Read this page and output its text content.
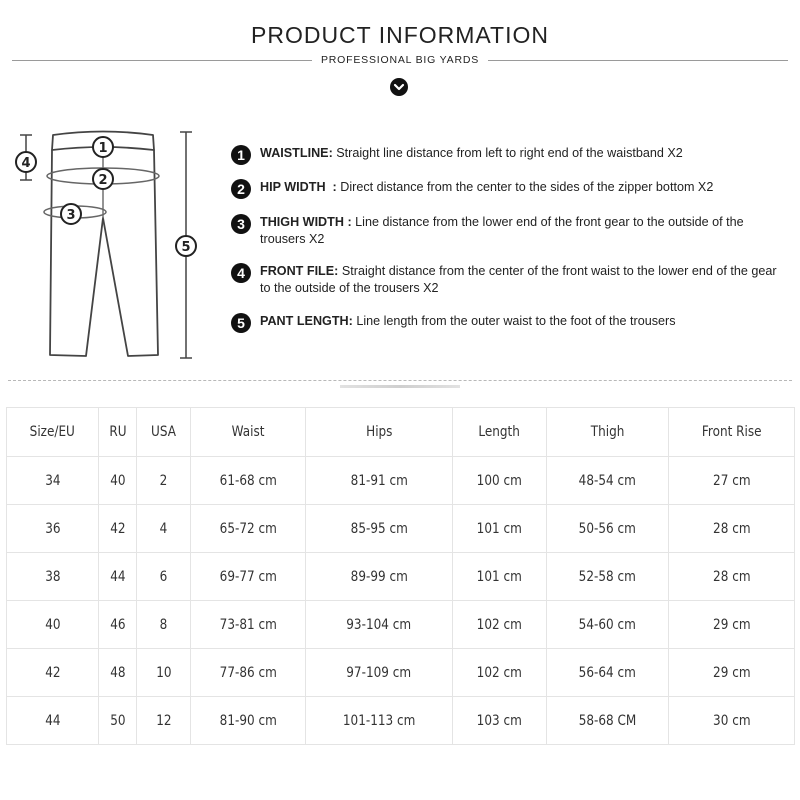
PRODUCT INFORMATION
PROFESSIONAL BIG YARDS
1
2
3
4
5
1	WAISTLINE: Straight line distance from left to right end of the waistband X2
2	HIP WIDTH  : Direct distance from the center to the sides of the zipper bottom X2
3	THIGH WIDTH : Line distance from the lower end of the front gear to the outside of the trousers X2
4	FRONT FILE: Straight distance from the center of the front waist to the lower end of the gear to the outside of the trousers X2
5	PANT LENGTH: Line length from the outer waist to the foot of the trousers
Size/EU	RU	USA	Waist	Hips	Length	Thigh	Front Rise
34	40	2	61-68 cm	81-91 cm	100 cm	48-54 cm	27 cm
36	42	4	65-72 cm	85-95 cm	101 cm	50-56 cm	28 cm
38	44	6	69-77 cm	89-99 cm	101 cm	52-58 cm	28 cm
40	46	8	73-81 cm	93-104 cm	102 cm	54-60 cm	29 cm
42	48	10	77-86 cm	97-109 cm	102 cm	56-64 cm	29 cm
44	50	12	81-90 cm	101-113 cm	103 cm	58-68 CM	30 cm
